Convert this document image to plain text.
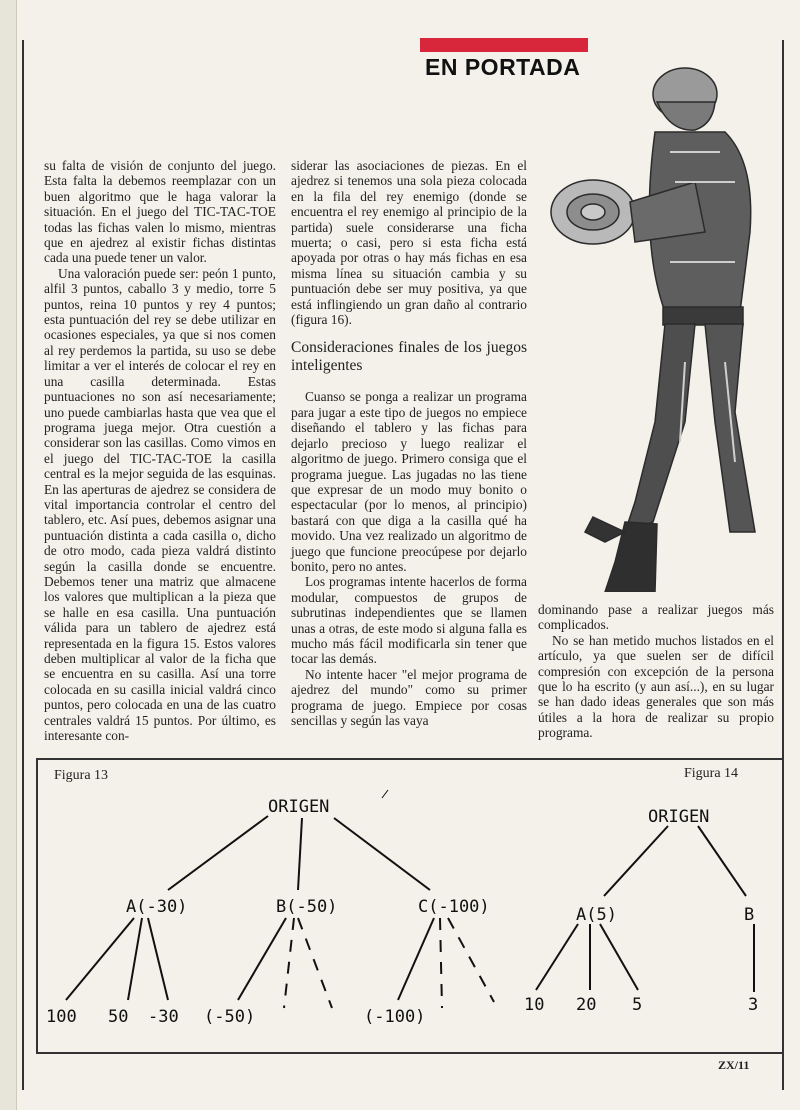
EN PORTADA

su falta de visión de conjunto del juego. Esta falta la debemos reemplazar con un buen algoritmo que le haga valorar la situación. En el juego del TIC-TAC-TOE todas las fichas valen lo mismo, mientras que en ajedrez al existir fichas distintas cada una puede tener un valor.

Una valoración puede ser: peón 1 punto, alfil 3 puntos, caballo 3 y medio, torre 5 puntos, reina 10 puntos y rey 4 puntos; esta puntuación del rey se debe utilizar en ocasiones especiales, ya que si nos comen al rey perdemos la partida, su uso se debe limitar a ver el interés de colocar el rey en una casilla determinada. Estas puntuaciones no son así necesariamente; uno puede cambiarlas hasta que vea que el programa juega mejor. Otra cuestión a considerar son las casillas. Como vimos en el juego del TIC-TAC-TOE la casilla central es la mejor seguida de las esquinas. En las aperturas de ajedrez se considera de vital importancia controlar el centro del tablero, etc. Así pues, debemos asignar una puntuación distinta a cada casilla o, dicho de otro modo, cada pieza valdrá distinto según la casilla donde se encuentre. Debemos tener una matriz que almacene los valores que multiplican a la pieza que se halle en esa casilla. Una puntuación válida para un tablero de ajedrez está representada en la figura 15. Estos valores deben multiplicar al valor de la ficha que se encuentra en su casilla. Así una torre colocada en su casilla inicial valdrá cinco puntos, pero colocada en una de las cuatro centrales valdrá 15 puntos. Por último, es interesante con-

siderar las asociaciones de piezas. En el ajedrez si tenemos una sola pieza colocada en la fila del rey enemigo (donde se encuentra el rey enemigo al principio de la partida) suele considerarse una ficha muerta; o casi, pero si esta ficha está apoyada por otras o hay más fichas en esa misma línea su situación cambia y su puntuación debe ser muy positiva, ya que está inflingiendo un gran daño al contrario (figura 16).

Consideraciones finales de los juegos inteligentes

Cuanso se ponga a realizar un programa para jugar a este tipo de juegos no empiece diseñando el tablero y las fichas para dejarlo precioso y luego realizar el algoritmo de juego. Primero consiga que el programa juegue. Las jugadas no las tiene que expresar de un modo muy bonito o espectacular (por lo menos, al principio) bastará con que diga a la casilla qué ha movido. Una vez realizado un algoritmo de juego que funcione preocúpese por dejarlo bonito, pero no antes.

Los programas intente hacerlos de forma modular, compuestos de grupos de subrutinas independientes que se llamen unas a otras, de este modo si alguna falla es mucho más fácil modificarla sin tener que tocar las demás.

No intente hacer "el mejor programa de ajedrez del mundo" como su primer programa de juego. Empiece por cosas sencillas y según las vaya

dominando pase a realizar juegos más complicados.

No se han metido muchos listados en el artículo, ya que suelen ser de difícil compresión con excepción de la persona que lo ha escrito (y aun así...), en su lugar se han dado ideas generales que son más útiles a la hora de realizar su propio programa.

Figura 13	Figura 14
ORIGEN
A(-30)	B(-50)	C(-100)
100 50 -30 (-50)	(-100)
ORIGEN
A(5)	B
10 20 5	3
ZX/11
